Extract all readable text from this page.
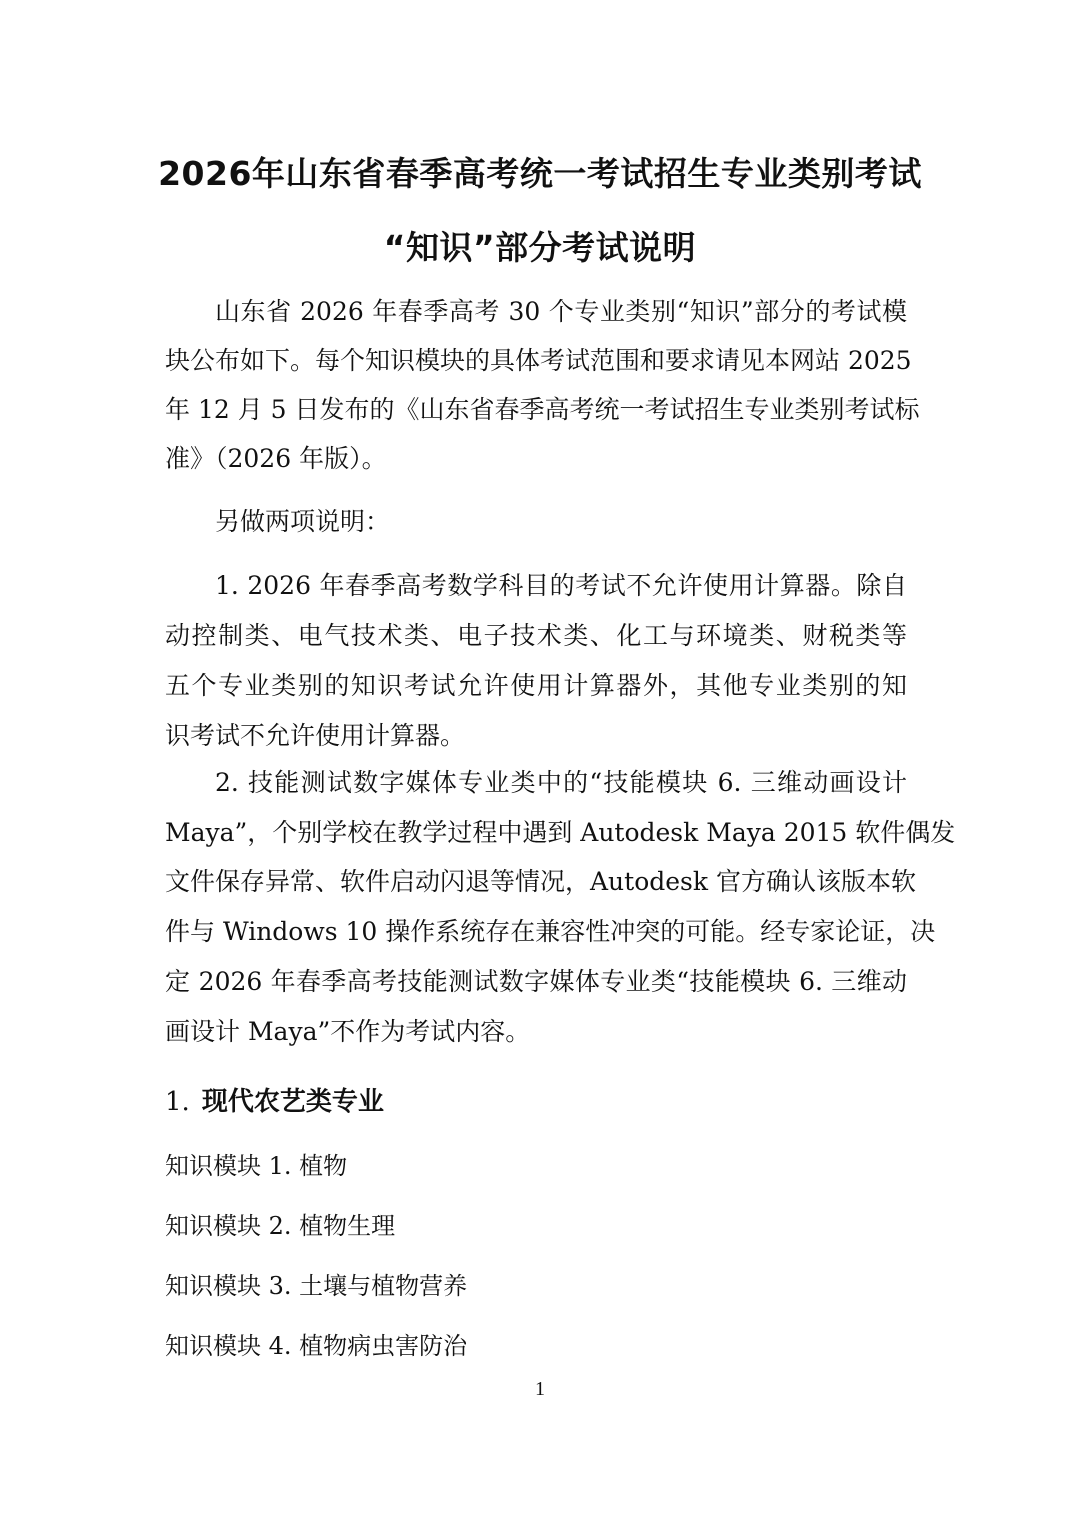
2026年山东省春季高考统一考试招生专业类别考试
“知识”部分考试说明
山东省 2026 年春季高考 30 个专业类别“知识”部分的考试模
块公布如下。每个知识模块的具体考试范围和要求请见本网站 2025
年 12 月 5 日发布的《山东省春季高考统一考试招生专业类别考试标
准》（2026 年版）。
另做两项说明：
1. 2026 年春季高考数学科目的考试不允许使用计算器。除自
动控制类、电气技术类、电子技术类、化工与环境类、财税类等
五个专业类别的知识考试允许使用计算器外，其他专业类别的知
识考试不允许使用计算器。
2. 技能测试数字媒体专业类中的“技能模块 6. 三维动画设计
Maya”，个别学校在教学过程中遇到 Autodesk Maya 2015 软件偶发
文件保存异常、软件启动闪退等情况，Autodesk 官方确认该版本软
件与 Windows 10 操作系统存在兼容性冲突的可能。经专家论证，决
定 2026 年春季高考技能测试数字媒体专业类“技能模块 6. 三维动
画设计 Maya”不作为考试内容。
1. 现代农艺类专业
知识模块 1. 植物
知识模块 2. 植物生理
知识模块 3. 土壤与植物营养
知识模块 4. 植物病虫害防治
1
